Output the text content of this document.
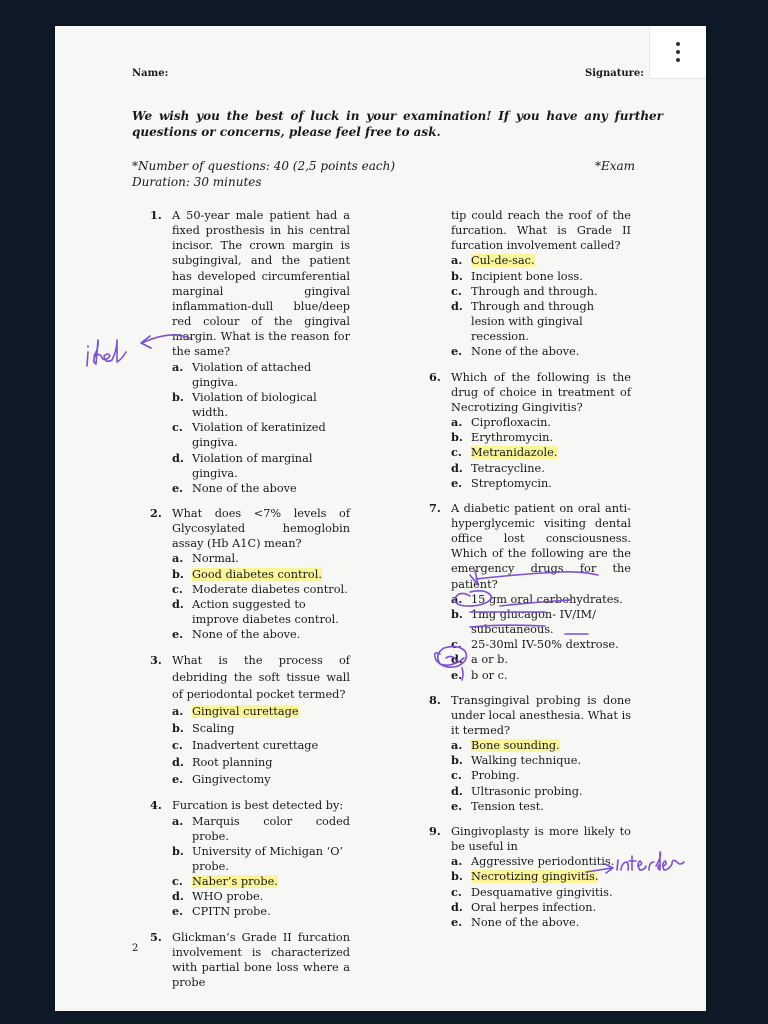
Name:	Signature:
We wish you the best of luck in your examination! If you have any further questions or concerns, please feel free to ask.
*Number of questions: 40 (2,5 points each)
Duration: 30 minutes
*Exam
1. A 50-year male patient had a fixed prosthesis in his central incisor. The crown margin is subgingival, and the patient has developed circumferential marginal gingival inflammation-dull blue/deep red colour of the gingival margin. What is the reason for the same?
a. Violation of attached gingiva.
b. Violation of biological width.
c. Violation of keratinized gingiva.
d. Violation of marginal gingiva.
e. None of the above
2. What does <7% levels of Glycosylated hemoglobin assay (Hb A1C) mean?
a. Normal.
b. Good diabetes control.
c. Moderate diabetes control.
d. Action suggested to improve diabetes control.
e. None of the above.
3. What is the process of debriding the soft tissue wall of periodontal pocket termed?
a. Gingival curettage
b. Scaling
c. Inadvertent curettage
d. Root planning
e. Gingivectomy
4. Furcation is best detected by:
a. Marquis color coded probe.
b. University of Michigan ‘O’ probe.
c. Naber’s probe.
d. WHO probe.
e. CPITN probe.
5. Glickman’s Grade II furcation involvement is characterized with partial bone loss where a probe
tip could reach the roof of the furcation. What is Grade II furcation involvement called?
a. Cul-de-sac.
b. Incipient bone loss.
c. Through and through.
d. Through and through lesion with gingival recession.
e. None of the above.
6. Which of the following is the drug of choice in treatment of Necrotizing Gingivitis?
a. Ciprofloxacin.
b. Erythromycin.
c. Metranidazole.
d. Tetracycline.
e. Streptomycin.
7. A diabetic patient on oral anti-hyperglycemic visiting dental office lost consciousness. Which of the following are the emergency drugs for the patient?
a. 15 gm oral carbohydrates.
b. 1mg glucagon- IV/IM/ subcutaneous.
c. 25-30ml IV-50% dextrose.
d. a or b.
e. b or c.
8. Transgingival probing is done under local anesthesia. What is it termed?
a. Bone sounding.
b. Walking technique.
c. Probing.
d. Ultrasonic probing.
e. Tension test.
9. Gingivoplasty is more likely to be useful in
a. Aggressive periodontitis.
b. Necrotizing gingivitis.
c. Desquamative gingivitis.
d. Oral herpes infection.
e. None of the above.
2
